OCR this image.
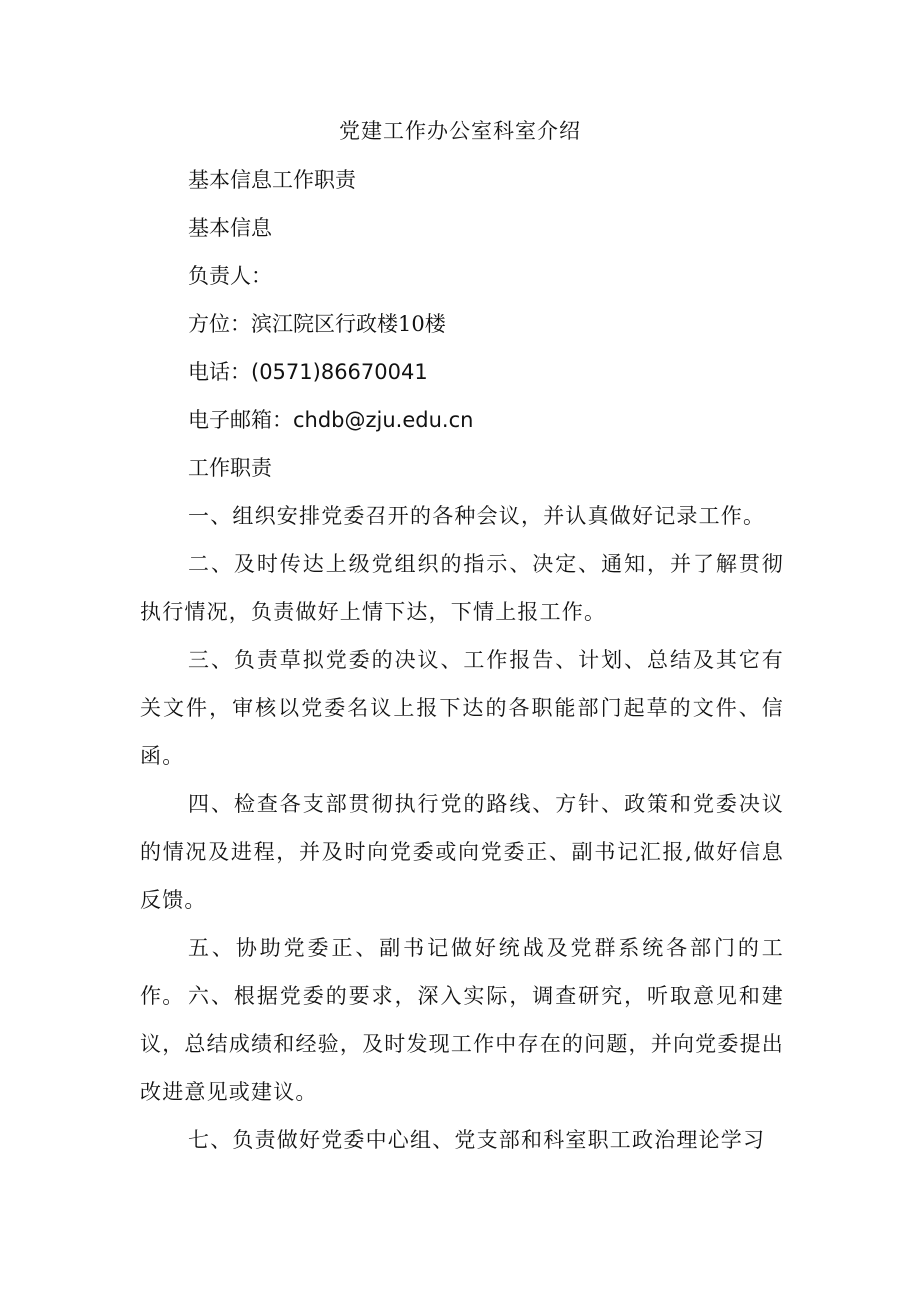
党建工作办公室科室介绍
基本信息工作职责
基本信息
负责人：
方位：滨江院区行政楼10楼
电话：(0571)86670041
电子邮箱：chdb@zju.edu.cn
工作职责
一、组织安排党委召开的各种会议，并认真做好记录工作。
二、及时传达上级党组织的指示、决定、通知，并了解贯彻执行情况，负责做好上情下达，下情上报工作。
三、负责草拟党委的决议、工作报告、计划、总结及其它有关文件，审核以党委名议上报下达的各职能部门起草的文件、信函。
四、检查各支部贯彻执行党的路线、方针、政策和党委决议的情况及进程，并及时向党委或向党委正、副书记汇报,做好信息反馈。
五、协助党委正、副书记做好统战及党群系统各部门的工作。 六、根据党委的要求，深入实际，调查研究，听取意见和建议，总结成绩和经验，及时发现工作中存在的问题，并向党委提出改进意见或建议。
七、负责做好党委中心组、党支部和科室职工政治理论学习
